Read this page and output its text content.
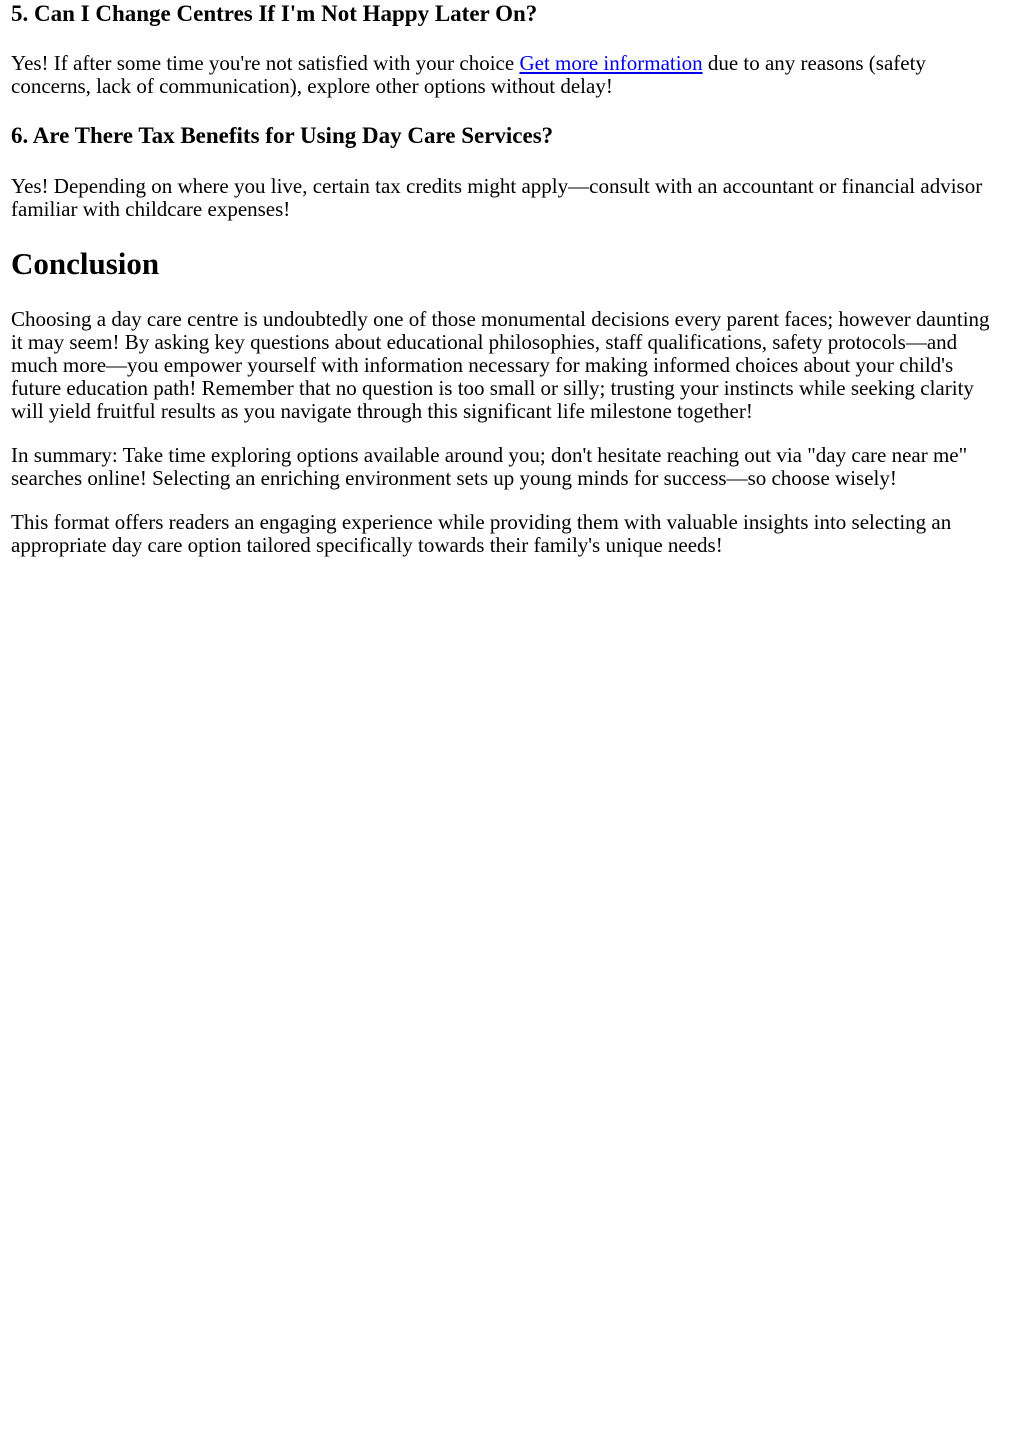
5. Can I Change Centres If I'm Not Happy Later On?

Yes! If after some time you're not satisfied with your choice Get more information due to any reasons (safety concerns, lack of communication), explore other options without delay!

6. Are There Tax Benefits for Using Day Care Services?

Yes! Depending on where you live, certain tax credits might apply—consult with an accountant or financial advisor familiar with childcare expenses!

Conclusion

Choosing a day care centre is undoubtedly one of those monumental decisions every parent faces; however daunting it may seem! By asking key questions about educational philosophies, staff qualifications, safety protocols—and much more—you empower yourself with information necessary for making informed choices about your child's future education path! Remember that no question is too small or silly; trusting your instincts while seeking clarity will yield fruitful results as you navigate through this significant life milestone together!

In summary: Take time exploring options available around you; don't hesitate reaching out via "day care near me" searches online! Selecting an enriching environment sets up young minds for success—so choose wisely!

This format offers readers an engaging experience while providing them with valuable insights into selecting an appropriate day care option tailored specifically towards their family's unique needs!
